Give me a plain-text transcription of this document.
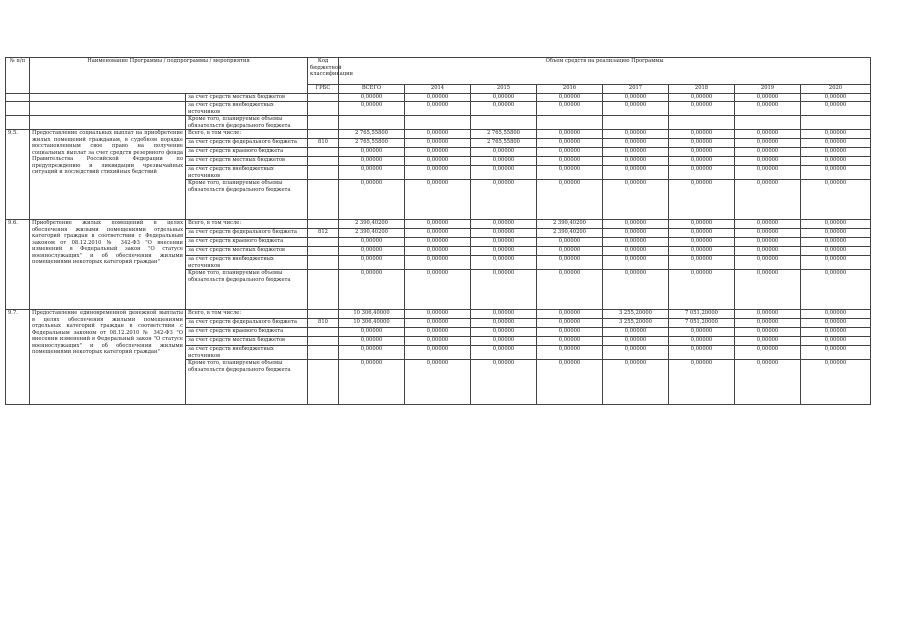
№ п/п	Наименование Программы / подпрограммы / мероприятия		Код бюджетной классификации	Объем средств на реализацию Программы							
			ГРБС	ВСЕГО	2014	2015	2016	2017	2018	2019	2020
		за счет средств местных бюджетов		0,00000	0,00000	0,00000	0,00000	0,00000	0,00000	0,00000	0,00000
		за счет средств внебюджетных источников		0,00000	0,00000	0,00000	0,00000	0,00000	0,00000	0,00000	0,00000
		Кроме того, планируемые объемы обязательств федерального бюджета									
9.5.	Предоставление социальных выплат на приобретение жилых помещений гражданам, в судебном порядке восстановленным свое право на получение социальных выплат за счет средств резервного фонда Правительства Российской Федерации по предупреждению и ликвидации чрезвычайных ситуаций и последствий стихийных бедствий	Всего, в том числе:		2 765,55800	0,00000	2 765,55800	0,00000	0,00000	0,00000	0,00000	0,00000
		за счет средств федерального бюджета	810	2 765,55800	0,00000	2 765,55800	0,00000	0,00000	0,00000	0,00000	0,00000
		за счет средств краевого бюджета		0,00000	0,00000	0,00000	0,00000	0,00000	0,00000	0,00000	0,00000
		за счет средств местных бюджетов		0,00000	0,00000	0,00000	0,00000	0,00000	0,00000	0,00000	0,00000
		за счет средств внебюджетных источников		0,00000	0,00000	0,00000	0,00000	0,00000	0,00000	0,00000	0,00000
		Кроме того, планируемые объемы обязательств федерального бюджета		0,00000	0,00000	0,00000	0,00000	0,00000	0,00000	0,00000	0,00000
9.6.	Приобретение жилых помещений в целях обеспечения жилыми помещениями отдельных категорий граждан в соответствии с Федеральным законом от 08.12.2010 № 342-ФЗ "О внесении изменений в Федеральный закон "О статусе военнослужащих" и об обеспечении жилыми помещениями некоторых категорий граждан"	Всего, в том числе:		2 390,40200	0,00000	0,00000	2 390,40200	0,00000	0,00000	0,00000	0,00000
		за счет средств федерального бюджета	812	2 390,40200	0,00000	0,00000	2 390,40200	0,00000	0,00000	0,00000	0,00000
		за счет средств краевого бюджета		0,00000	0,00000	0,00000	0,00000	0,00000	0,00000	0,00000	0,00000
		за счет средств местных бюджетов		0,00000	0,00000	0,00000	0,00000	0,00000	0,00000	0,00000	0,00000
		за счет средств внебюджетных источников		0,00000	0,00000	0,00000	0,00000	0,00000	0,00000	0,00000	0,00000
		Кроме того, планируемые объемы обязательств федерального бюджета		0,00000	0,00000	0,00000	0,00000	0,00000	0,00000	0,00000	0,00000
9.7.	Предоставление единовременной денежной выплаты в целях обеспечения жилыми помещениями отдельных категорий граждан в соответствии с Федеральным законом от 08.12.2010 № 342-ФЗ "О внесении изменений в Федеральный закон "О статусе военнослужащих" и об обеспечении жилыми помещениями некоторых категорий граждан"	Всего, в том числе:		10 306,40000	0,00000	0,00000	0,00000	3 255,20000	7 051,20000	0,00000	0,00000
		за счет средств федерального бюджета	810	10 306,40000	0,00000	0,00000	0,00000	3 255,20000	7 051,20000	0,00000	0,00000
		за счет средств краевого бюджета		0,00000	0,00000	0,00000	0,00000	0,00000	0,00000	0,00000	0,00000
		за счет средств местных бюджетов		0,00000	0,00000	0,00000	0,00000	0,00000	0,00000	0,00000	0,00000
		за счет средств внебюджетных источников		0,00000	0,00000	0,00000	0,00000	0,00000	0,00000	0,00000	0,00000
		Кроме того, планируемые объемы обязательств федерального бюджета		0,00000	0,00000	0,00000	0,00000	0,00000	0,00000	0,00000	0,00000
